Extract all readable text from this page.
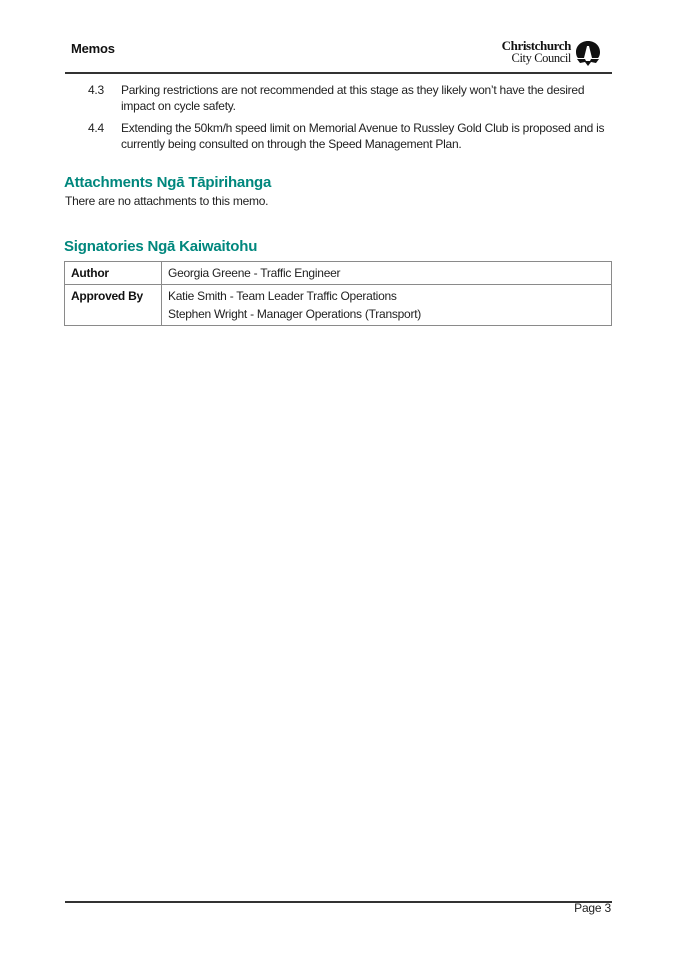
Memos	Christchurch
City Council
4.3	Parking restrictions are not recommended at this stage as they likely won’t have the desired impact on cycle safety.
4.4	Extending the 50km/h speed limit on Memorial Avenue to Russley Gold Club is proposed and is currently being consulted on through the Speed Management Plan.
Attachments Ngā Tāpirihanga
There are no attachments to this memo.
Signatories Ngā Kaiwaitohu
Author	Georgia Greene - Traffic Engineer

Approved By	Katie Smith - Team Leader Traffic Operations
Stephen Wright - Manager Operations (Transport)
Page 3
